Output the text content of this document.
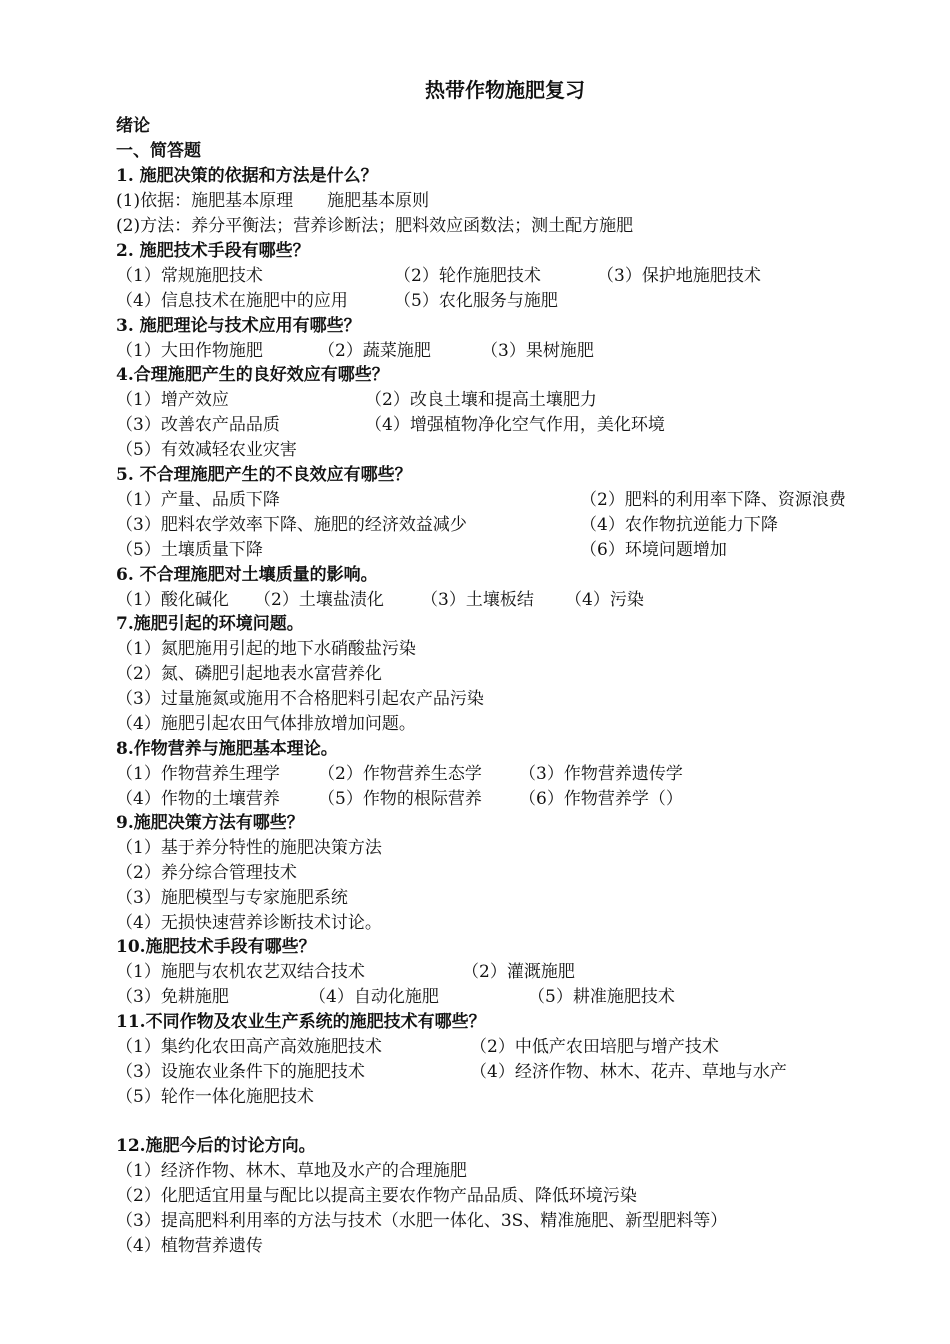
热带作物施肥复习
绪论
一、简答题
1. 施肥决策的依据和方法是什么？
(1)依据：施肥基本原理　　施肥基本原则
(2)方法：养分平衡法；营养诊断法；肥料效应函数法；测土配方施肥
2. 施肥技术手段有哪些？
（1）常规施肥技术	（2）轮作施肥技术	（3）保护地施肥技术
（4）信息技术在施肥中的应用	（5）农化服务与施肥
3. 施肥理论与技术应用有哪些？
（1）大田作物施肥	（2）蔬菜施肥	（3）果树施肥
4.合理施肥产生的良好效应有哪些？
（1）增产效应	（2）改良土壤和提高土壤肥力
（3）改善农产品品质	（4）增强植物净化空气作用，美化环境
（5）有效减轻农业灾害
5. 不合理施肥产生的不良效应有哪些？
（1）产量、品质下降	（2）肥料的利用率下降、资源浪费
（3）肥料农学效率下降、施肥的经济效益减少	（4）农作物抗逆能力下降
（5）土壤质量下降	（6）环境问题增加
6. 不合理施肥对土壤质量的影响。
（1）酸化碱化 （2）土壤盐渍化 （3）土壤板结 （4）污染
7.施肥引起的环境问题。
（1）氮肥施用引起的地下水硝酸盐污染
（2）氮、磷肥引起地表水富营养化
（3）过量施氮或施用不合格肥料引起农产品污染
（4）施肥引起农田气体排放增加问题。
8.作物营养与施肥基本理论。
（1）作物营养生理学 （2）作物营养生态学 （3）作物营养遗传学
（4）作物的土壤营养 （5）作物的根际营养 （6）作物营养学（）
9.施肥决策方法有哪些？
（1）基于养分特性的施肥决策方法
（2）养分综合管理技术
（3）施肥模型与专家施肥系统
（4）无损快速营养诊断技术讨论。
10.施肥技术手段有哪些？
（1）施肥与农机农艺双结合技术	（2）灌溉施肥
（3）免耕施肥	（4）自动化施肥	（5）耕准施肥技术
11.不同作物及农业生产系统的施肥技术有哪些？
（1）集约化农田高产高效施肥技术	（2）中低产农田培肥与增产技术
（3）设施农业条件下的施肥技术	（4）经济作物、林木、花卉、草地与水产
（5）轮作一体化施肥技术
12.施肥今后的讨论方向。
（1）经济作物、林木、草地及水产的合理施肥
（2）化肥适宜用量与配比以提高主要农作物产品品质、降低环境污染
（3）提高肥料利用率的方法与技术（水肥一体化、3S、精准施肥、新型肥料等）
（4）植物营养遗传
